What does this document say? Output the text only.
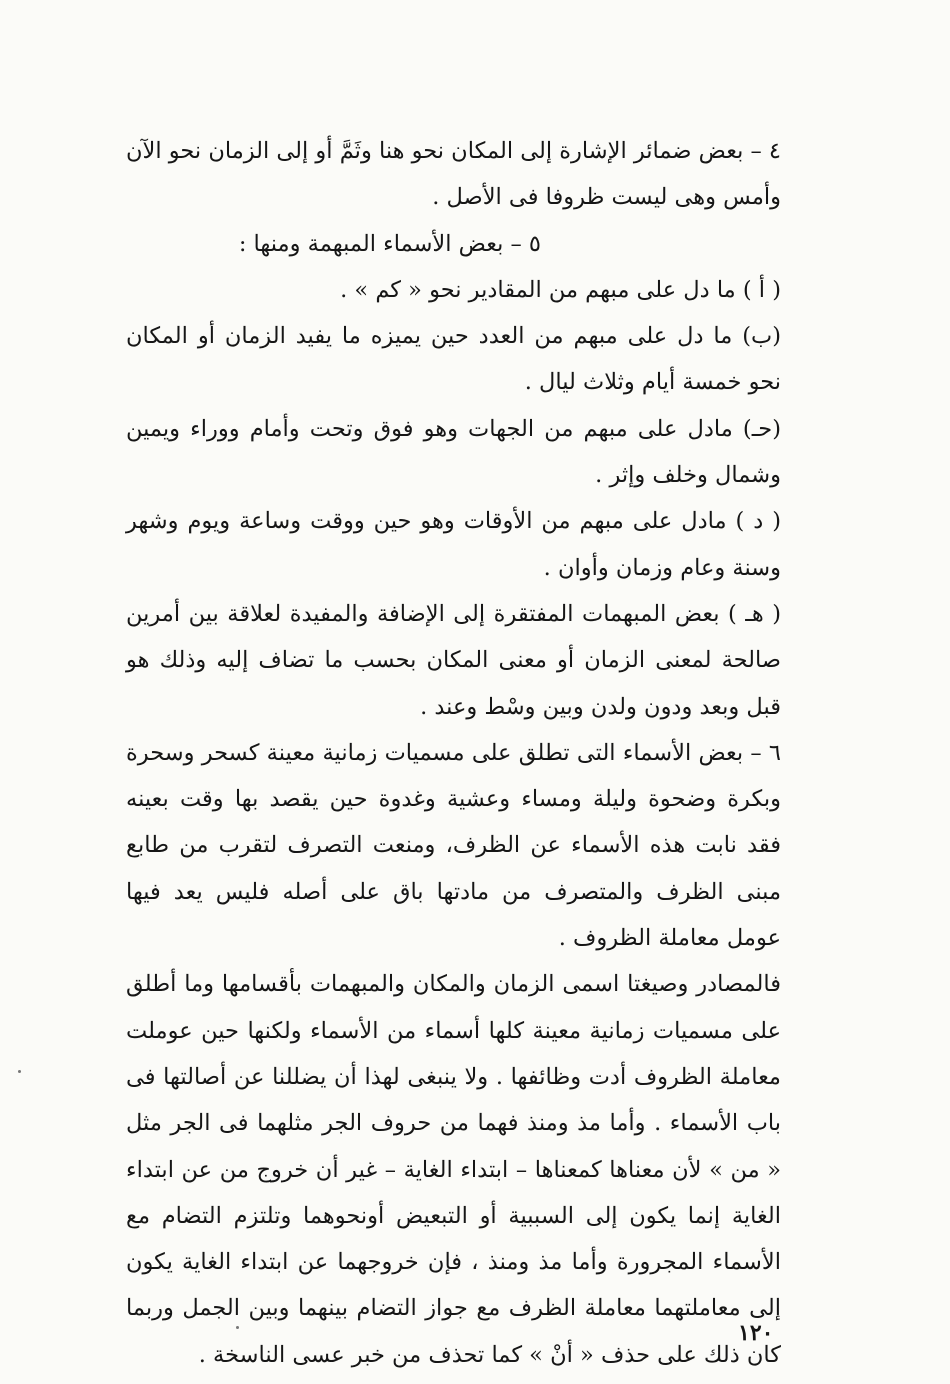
٤ – بعض ضمائر الإشارة إلى المكان نحو هنا وثَمَّ أو إلى الزمان نحو الآن وأمس وهى ليست ظروفا فى الأصل .

٥ – بعض الأسماء المبهمة ومنها :

( أ ) ما دل على مبهم من المقادير نحو « كم » .

(ب) ما دل على مبهم من العدد حين يميزه ما يفيد الزمان أو المكان نحو خمسة أيام وثلاث ليال .

(حـ) مادل على مبهم من الجهات وهو فوق وتحت وأمام ووراء ويمين وشمال وخلف وإثر .

( د ) مادل على مبهم من الأوقات وهو حين ووقت وساعة ويوم وشهر وسنة وعام وزمان وأوان .

( هـ ) بعض المبهمات المفتقرة إلى الإضافة والمفيدة لعلاقة بين أمرين صالحة لمعنى الزمان أو معنى المكان بحسب ما تضاف إليه وذلك هو قبل وبعد ودون ولدن وبين وسْط وعند .

٦ – بعض الأسماء التى تطلق على مسميات زمانية معينة كسحر وسحرة وبكرة وضحوة وليلة ومساء وعشية وغدوة حين يقصد بها وقت بعينه فقد نابت هذه الأسماء عن الظرف، ومنعت التصرف لتقرب من طابع مبنى الظرف والمتصرف من مادتها باق على أصله فليس يعد فيها عومل معاملة الظروف .

فالمصادر وصيغتا اسمى الزمان والمكان والمبهمات بأقسامها وما أطلق على مسميات زمانية معينة كلها أسماء من الأسماء ولكنها حين عوملت معاملة الظروف أدت وظائفها . ولا ينبغى لهذا أن يضللنا عن أصالتها فى باب الأسماء . وأما مذ ومنذ فهما من حروف الجر مثلهما فى الجر مثل « من » لأن معناها كمعناها – ابتداء الغاية – غير أن خروج من عن ابتداء الغاية إنما يكون إلى السببية أو التبعيض أونحوهما وتلتزم التضام مع الأسماء المجرورة وأما مذ ومنذ ، فإن خروجهما عن ابتداء الغاية يكون إلى معاملتهما معاملة الظرف مع جواز التضام بينهما وبين الجمل وربما كان ذلك على حذف « أنْ » كما تحذف من خبر عسى الناسخة .

١٢٠
